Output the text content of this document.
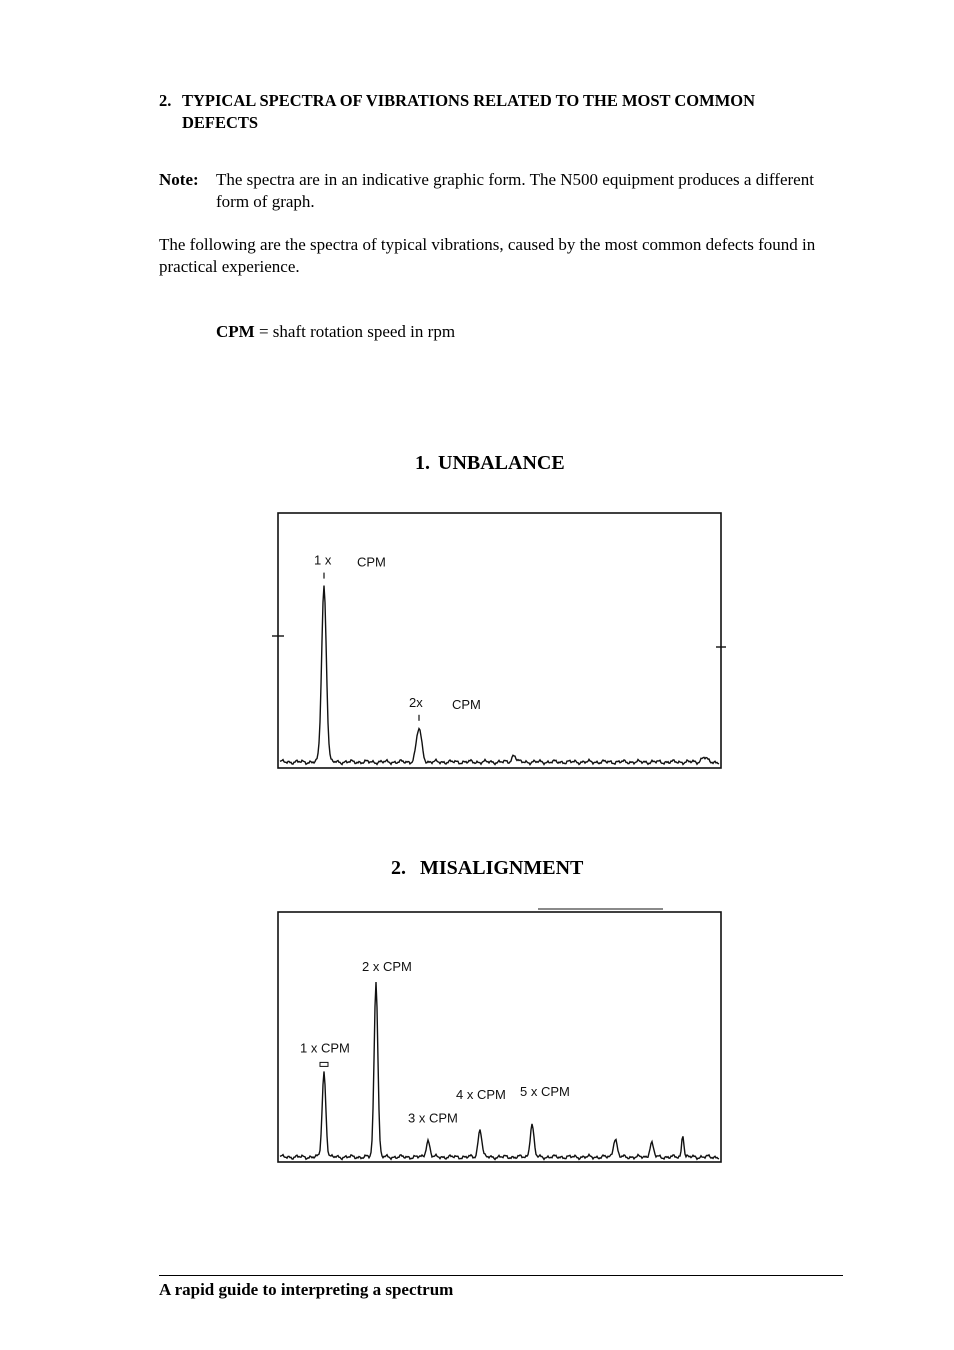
2. TYPICAL SPECTRA OF VIBRATIONS RELATED TO THE MOST COMMON DEFECTS
Note: The spectra are in an indicative graphic form. The N500 equipment produces a different form of graph.
The following are the spectra of typical vibrations, caused by the most common defects found in practical experience.
CPM = shaft rotation speed in rpm
1. UNBALANCE
1 x CPM
2x CPM
2. MISALIGNMENT
1 x CPM
2 x CPM
3 x CPM
4 x CPM 5 x CPM
A rapid guide to interpreting a spectrum
